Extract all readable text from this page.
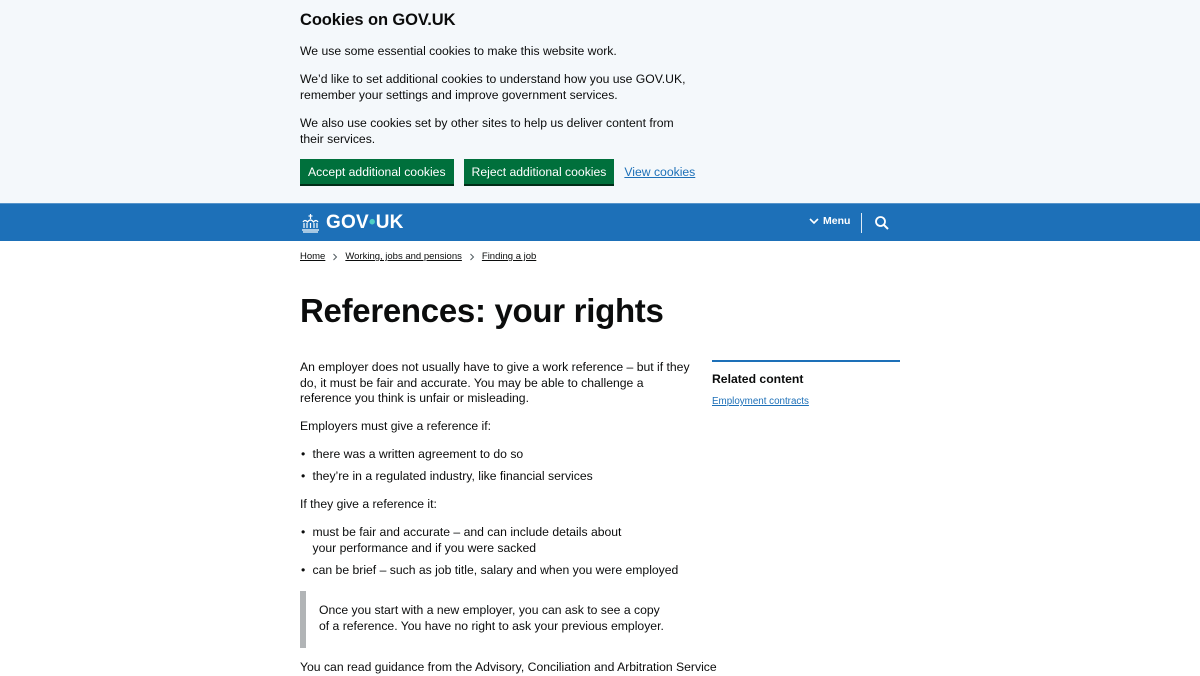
Cookies on GOV.UK

We use some essential cookies to make this website work.

We’d like to set additional cookies to understand how you use GOV.UK, remember your settings and improve government services.

We also use cookies set by other sites to help us deliver content from their services.

Accept additional cookies	Reject additional cookies	View cookies
GOV•UK	Menu
Home Working, jobs and pensions Finding a job
References: your rights

An employer does not usually have to give a work reference – but if they do, it must be fair and accurate. You may be able to challenge a reference you think is unfair or misleading.

Employers must give a reference if:

• there was a written agreement to do so
• they’re in a regulated industry, like financial services

If they give a reference it:

• must be fair and accurate – and can include details about your performance and if you were sacked
• can be brief – such as job title, salary and when you were employed

Once you start with a new employer, you can ask to see a copy of a reference. You have no right to ask your previous employer.

You can read guidance from the Advisory, Conciliation and Arbitration Service

Related content
Employment contracts
